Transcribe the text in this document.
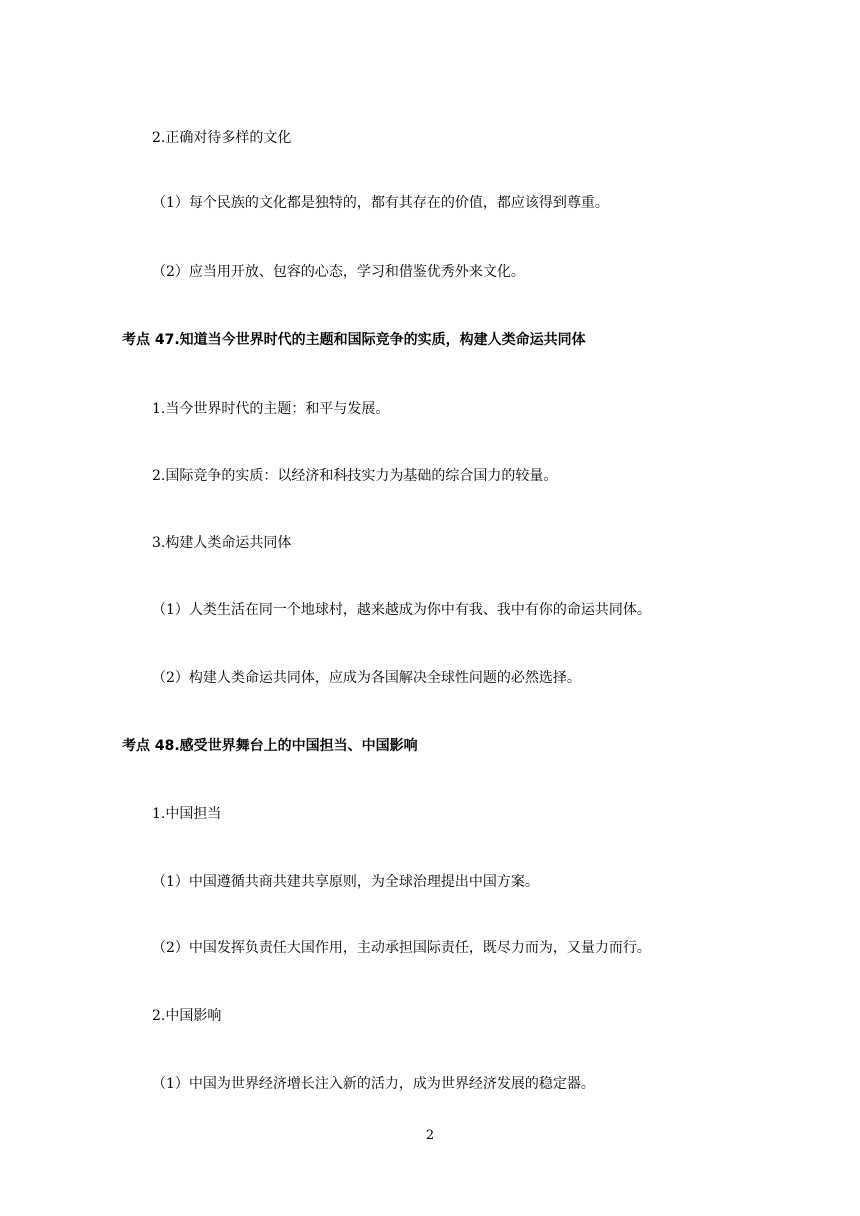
2.正确对待多样的文化
（1）每个民族的文化都是独特的，都有其存在的价值，都应该得到尊重。
（2）应当用开放、包容的心态，学习和借鉴优秀外来文化。
考点 47.知道当今世界时代的主题和国际竞争的实质，构建人类命运共同体
1.当今世界时代的主题：和平与发展。
2.国际竞争的实质：以经济和科技实力为基础的综合国力的较量。
3.构建人类命运共同体
（1）人类生活在同一个地球村，越来越成为你中有我、我中有你的命运共同体。
（2）构建人类命运共同体，应成为各国解决全球性问题的必然选择。
考点 48.感受世界舞台上的中国担当、中国影响
1.中国担当
（1）中国遵循共商共建共享原则，为全球治理提出中国方案。
（2）中国发挥负责任大国作用，主动承担国际责任，既尽力而为，又量力而行。
2.中国影响
（1）中国为世界经济增长注入新的活力，成为世界经济发展的稳定器。
2
